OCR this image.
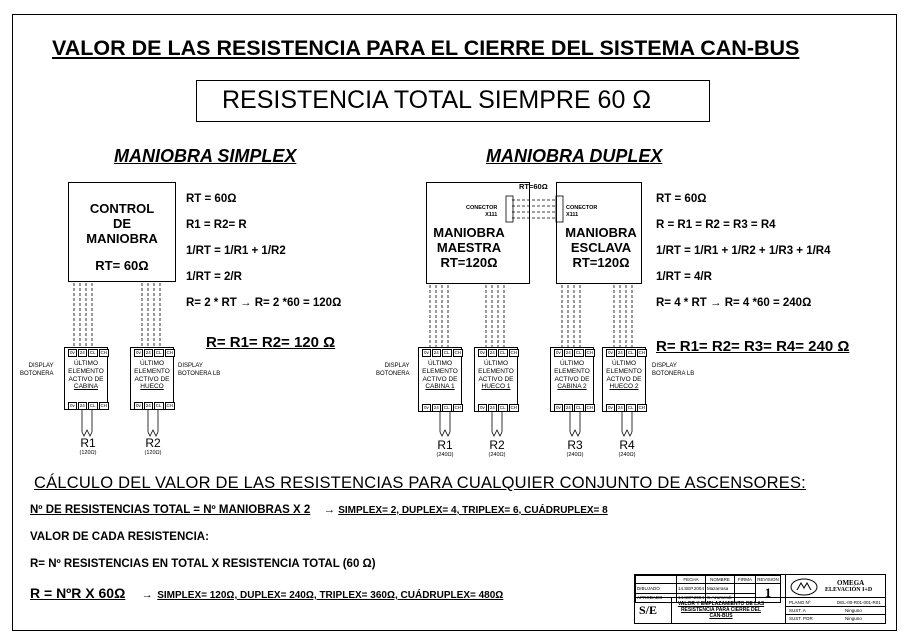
VALOR DE LAS RESISTENCIA PARA EL CIERRE DEL SISTEMA CAN-BUS
RESISTENCIA TOTAL SIEMPRE 60 Ω
MANIOBRA SIMPLEX	MANIOBRA DUPLEX
CONTROL
DE
MANIOBRA
RT= 60Ω
RT = 60Ω
R1 = R2= R
1/RT = 1/R1 + 1/R2
1/RT = 2/R
R= 2 * RT → R= 2 *60 = 120Ω
R= R1= R2= 120 Ω
RT=60Ω
CONECTOR
X111
CONECTOR
X111
MANIOBRA
MAESTRA
RT=120Ω
MANIOBRA
ESCLAVA
RT=120Ω
RT = 60Ω
R = R1 = R2 = R3 = R4
1/RT = 1/R1 + 1/R2 + 1/R3 + 1/R4
1/RT = 4/R
R= 4 * RT → R= 4 *60 = 240Ω
R= R1= R2= R3= R4= 240 Ω
ÚLTIMO
ELEMENTO
ACTIVO DE
CABINA
ÚLTIMO
ELEMENTO
ACTIVO DE
HUECO
DISPLAY
BOTONERA
DISPLAY
BOTONERA LB
0v	24	CL	CH	0v	24	CL	CH
0v	24	CL	CH	0v	24	CL	CH
R1
(120Ω)
R2
(120Ω)
ÚLTIMO
ELEMENTO
ACTIVO DE
CABINA 1
ÚLTIMO
ELEMENTO
ACTIVO DE
HUECO 1
ÚLTIMO
ELEMENTO
ACTIVO DE
CABINA 2
ÚLTIMO
ELEMENTO
ACTIVO DE
HUECO 2
0v	24	CL	CH	0v	24	CL	CH	0v	24	CL	CH	0v	24	CL	CH
0v	24	CL	CH	0v	24	CL	CH	0v	24	CL	CH	0v	24	CL	CH
DISPLAY
BOTONERA
DISPLAY
BOTONERA LB
R1
(240Ω)
R2
(240Ω)
R3
(240Ω)
R4
(240Ω)
CÁLCULO DEL VALOR DE LAS RESISTENCIAS PARA CUALQUIER CONJUNTO DE ASCENSORES:
Nº DE RESISTENCIAS TOTAL = Nº MANIOBRAS X 2 → SIMPLEX= 2, DUPLEX= 4, TRIPLEX= 6, CUÁDRUPLEX= 8
VALOR DE CADA RESISTENCIA:
R= Nº RESISTENCIAS EN TOTAL X RESISTENCIA TOTAL (60 Ω)
R = NºR X 60Ω → SIMPLEX= 120Ω, DUPLEX= 240Ω, TRIPLEX= 360Ω, CUÁDRUPLEX= 480Ω
	FECHA	NOMBRE	FIRMA	REVISION
DIBUJADO	14.SEP.2004	Mazarrasa		1
APROBADO	14.SEP.2004	C.Azumendi		
S/E	VALOR Y EMPLAZAMIENTO DE LAS RESISTENCIA PARA CIERRE DEL CAN-BUS
OMEGA
ELEVACIÓN I+D
PLANO Nº	DEL-00-R01-001-R01
SUST. A	Ninguno
SUST. POR	Ninguno
